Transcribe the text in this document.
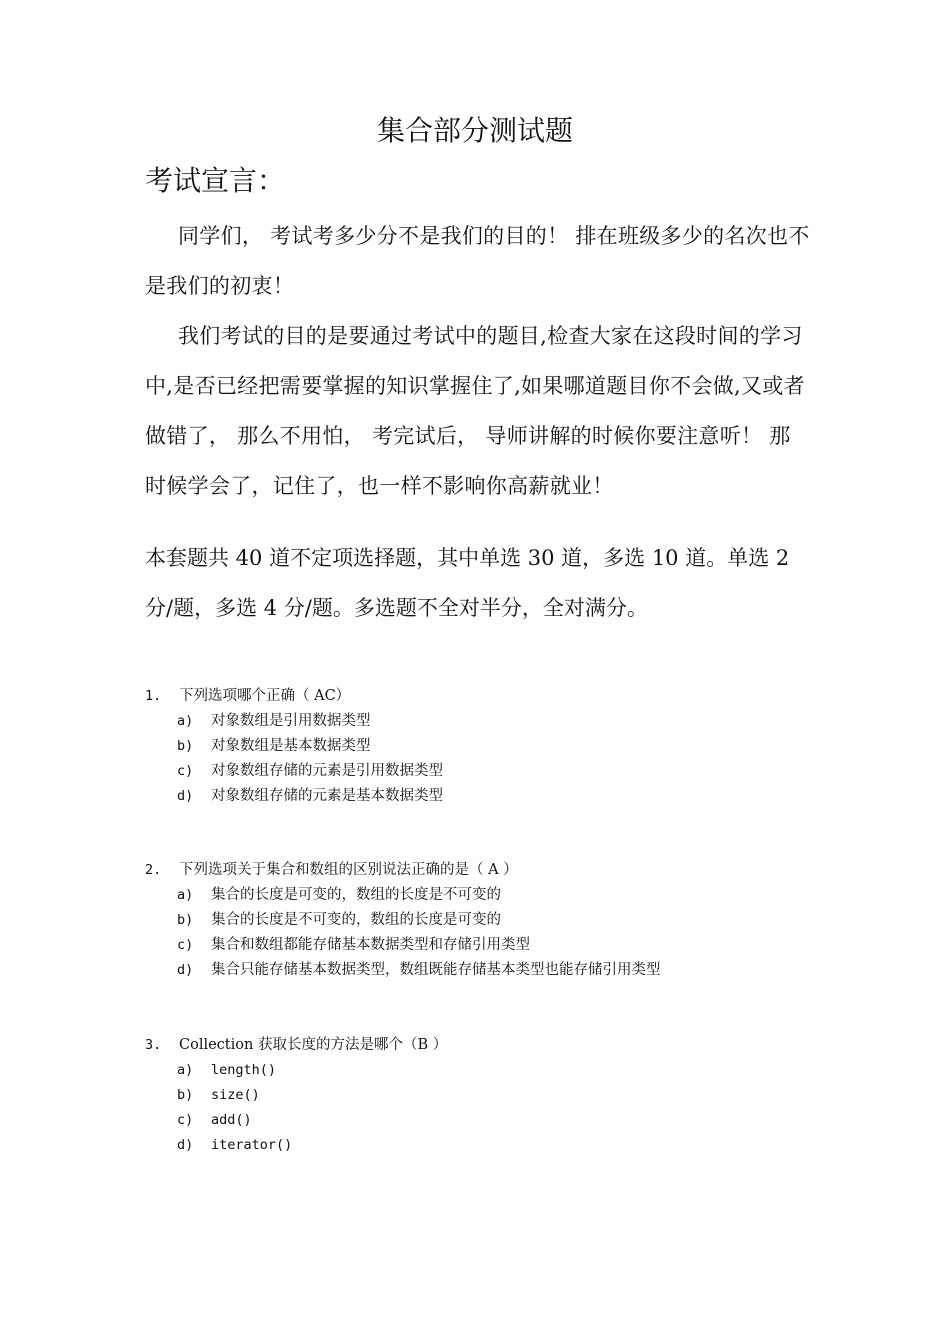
集合部分测试题
考试宣言：
同学们， 考试考多少分不是我们的目的！ 排在班级多少的名次也不是我们的初衷！
我们考试的目的是要通过考试中的题目,检查大家在这段时间的学习中,是否已经把需要掌握的知识掌握住了,如果哪道题目你不会做,又或者做错了， 那么不用怕， 考完试后， 导师讲解的时候你要注意听！ 那时候学会了，记住了，也一样不影响你高薪就业！
本套题共 40 道不定项选择题，其中单选 30 道，多选 10 道。单选 2 分/题，多选 4 分/题。多选题不全对半分，全对满分。
1. 下列选项哪个正确（ AC）
a) 对象数组是引用数据类型
b) 对象数组是基本数据类型
c) 对象数组存储的元素是引用数据类型
d) 对象数组存储的元素是基本数据类型
2. 下列选项关于集合和数组的区别说法正确的是（ A ）
a) 集合的长度是可变的，数组的长度是不可变的
b) 集合的长度是不可变的，数组的长度是可变的
c) 集合和数组都能存储基本数据类型和存储引用类型
d) 集合只能存储基本数据类型，数组既能存储基本类型也能存储引用类型
3. Collection 获取长度的方法是哪个（B ）
a) length()
b) size()
c) add()
d) iterator()
